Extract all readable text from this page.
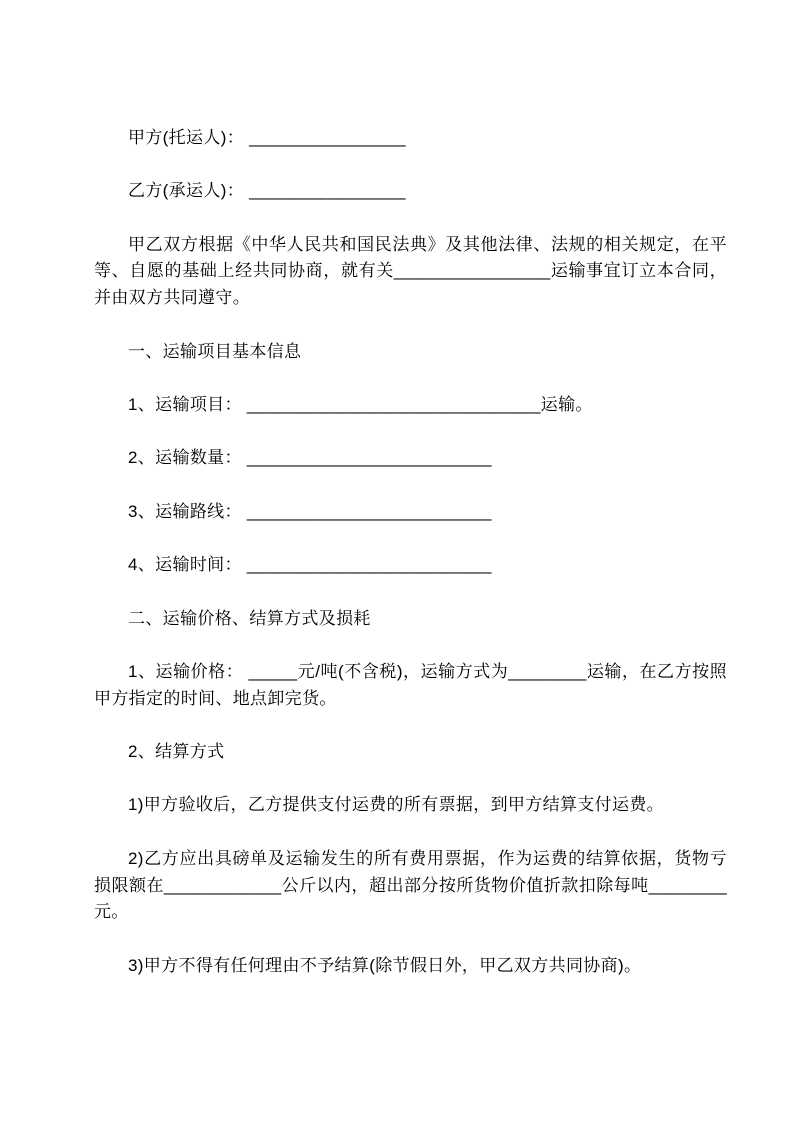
甲方(托运人)： ________________

乙方(承运人)： ________________

甲乙双方根据《中华人民共和国民法典》及其他法律、法规的相关规定，在平等、自愿的基础上经共同协商，就有关________________运输事宜订立本合同，并由双方共同遵守。

一、运输项目基本信息

1、运输项目： ______________________________运输。

2、运输数量： _________________________

3、运输路线： _________________________

4、运输时间： _________________________

二、运输价格、结算方式及损耗

1、运输价格： _____元/吨(不含税)，运输方式为________运输，在乙方按照甲方指定的时间、地点卸完货。

2、结算方式

1)甲方验收后，乙方提供支付运费的所有票据，到甲方结算支付运费。

2)乙方应出具磅单及运输发生的所有费用票据，作为运费的结算依据，货物亏损限额在____________公斤以内，超出部分按所货物价值折款扣除每吨________元。

3)甲方不得有任何理由不予结算(除节假日外，甲乙双方共同协商)。
